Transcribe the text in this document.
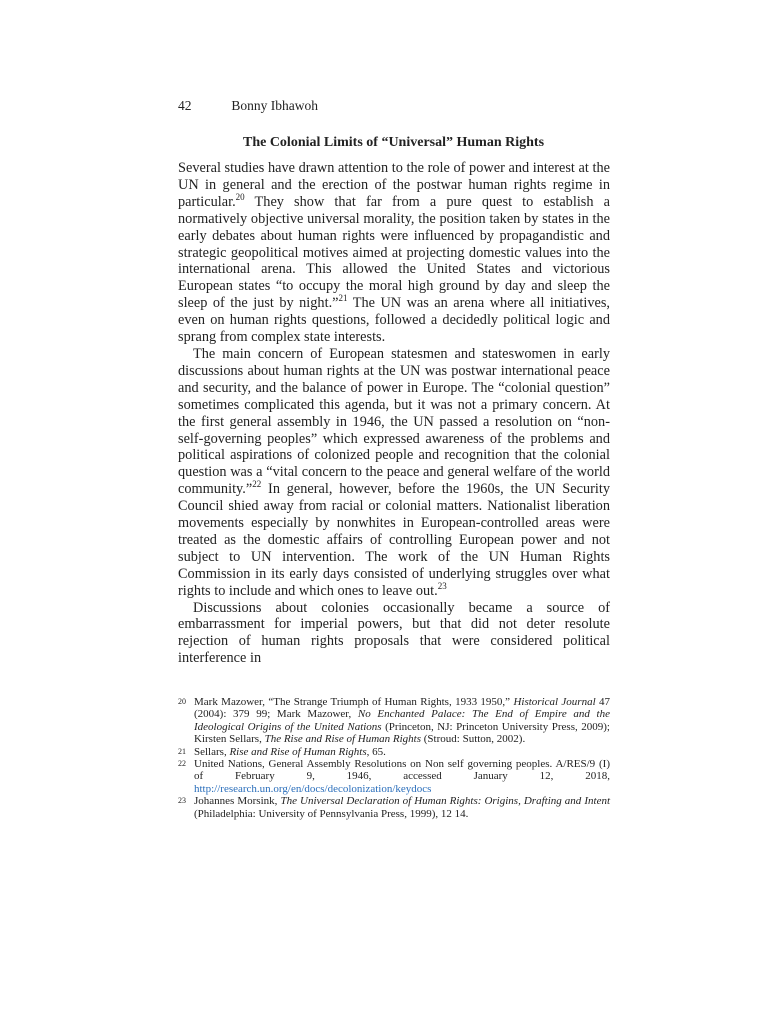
42	Bonny Ibhawoh
The Colonial Limits of “Universal” Human Rights

Several studies have drawn attention to the role of power and interest at the UN in general and the erection of the postwar human rights regime in particular.$^{20}$ They show that far from a pure quest to establish a normatively objective universal morality, the position taken by states in the early debates about human rights were influenced by propagandistic and strategic geopolitical motives aimed at projecting domestic values into the international arena. This allowed the United States and victorious European states “to occupy the moral high ground by day and sleep the sleep of the just by night.”$^{21}$ The UN was an arena where all initiatives, even on human rights questions, followed a decidedly political logic and sprang from complex state interests.

The main concern of European statesmen and stateswomen in early discussions about human rights at the UN was postwar international peace and security, and the balance of power in Europe. The “colonial question” sometimes complicated this agenda, but it was not a primary concern. At the first general assembly in 1946, the UN passed a resolution on “non-self-governing peoples” which expressed awareness of the problems and political aspirations of colonized people and recognition that the colonial question was a “vital concern to the peace and general welfare of the world community.”$^{22}$ In general, however, before the 1960s, the UN Security Council shied away from racial or colonial matters. Nationalist liberation movements especially by nonwhites in European-controlled areas were treated as the domestic affairs of controlling European power and not subject to UN intervention. The work of the UN Human Rights Commission in its early days consisted of underlying struggles over what rights to include and which ones to leave out.$^{23}$

Discussions about colonies occasionally became a source of embarrassment for imperial powers, but that did not deter resolute rejection of human rights proposals that were considered political interference in

20 Mark Mazower, “The Strange Triumph of Human Rights, 1933 1950,” Historical Journal 47 (2004): 379 99; Mark Mazower, No Enchanted Palace: The End of Empire and the Ideological Origins of the United Nations (Princeton, NJ: Princeton University Press, 2009); Kirsten Sellars, The Rise and Rise of Human Rights (Stroud: Sutton, 2002).
21 Sellars, Rise and Rise of Human Rights, 65.
22 United Nations, General Assembly Resolutions on Non self governing peoples. A/RES/9 (I) of February 9, 1946, accessed January 12, 2018, http://research.un.org/en/docs/decolonization/keydocs
23 Johannes Morsink, The Universal Declaration of Human Rights: Origins, Drafting and Intent (Philadelphia: University of Pennsylvania Press, 1999), 12 14.
